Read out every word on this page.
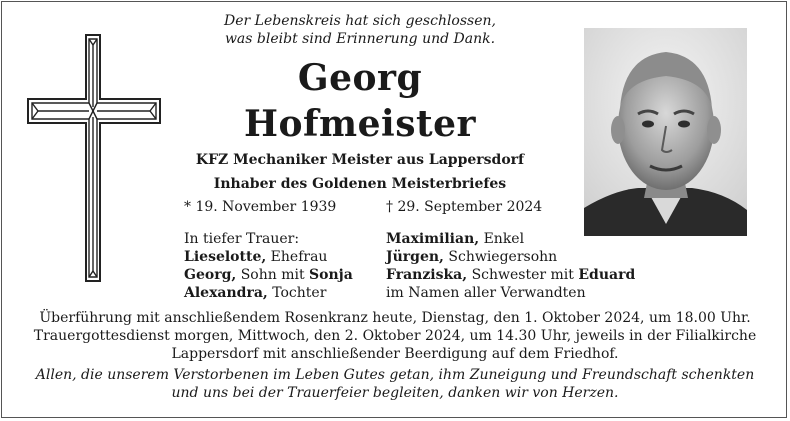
Der Lebenskreis hat sich geschlossen,
was bleibt sind Erinnerung und Dank.
Georg
Hofmeister
KFZ Mechaniker Meister aus Lappersdorf
Inhaber des Goldenen Meisterbriefes
* 19. November 1939	† 29. September 2024
In tiefer Trauer:
Lieselotte, Ehefrau
Georg, Sohn mit Sonja
Alexandra, Tochter
Maximilian, Enkel
Jürgen, Schwiegersohn
Franziska, Schwester mit Eduard
im Namen aller Verwandten
Überführung mit anschließendem Rosenkranz heute, Dienstag, den 1. Oktober 2024, um 18.00 Uhr.
Trauergottesdienst morgen, Mittwoch, den 2. Oktober 2024, um 14.30 Uhr, jeweils in der Filialkirche
Lappersdorf mit anschließender Beerdigung auf dem Friedhof.
Allen, die unserem Verstorbenen im Leben Gutes getan, ihm Zuneigung und Freundschaft schenkten
und uns bei der Trauerfeier begleiten, danken wir von Herzen.
